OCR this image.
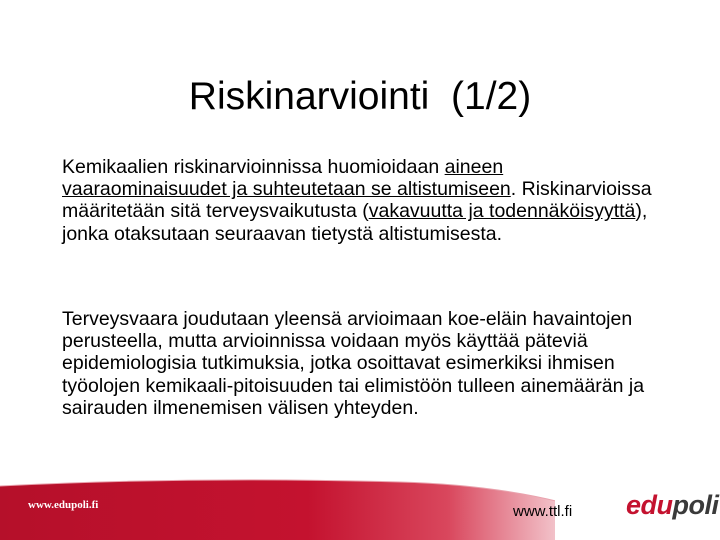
Riskinarviointi  (1/2)

Kemikaalien riskinarvioinnissa huomioidaan aineen vaaraominaisuudet ja suhteutetaan se altistumiseen. Riskinarvioissa määritetään sitä terveysvaikutusta (vakavuutta ja todennäköisyyttä), jonka otaksutaan seuraavan tietystä altistumisesta.

Terveysvaara joudutaan yleensä arvioimaan koe-eläin havaintojen perusteella, mutta arvioinnissa voidaan myös käyttää päteviä epidemiologisia tutkimuksia, jotka osoittavat esimerkiksi ihmisen työolojen kemikaali-pitoisuuden tai elimistöön tulleen ainemäärän ja sairauden ilmenemisen välisen yhteyden.

www.edupoli.fi	www.ttl.fi edupoli
